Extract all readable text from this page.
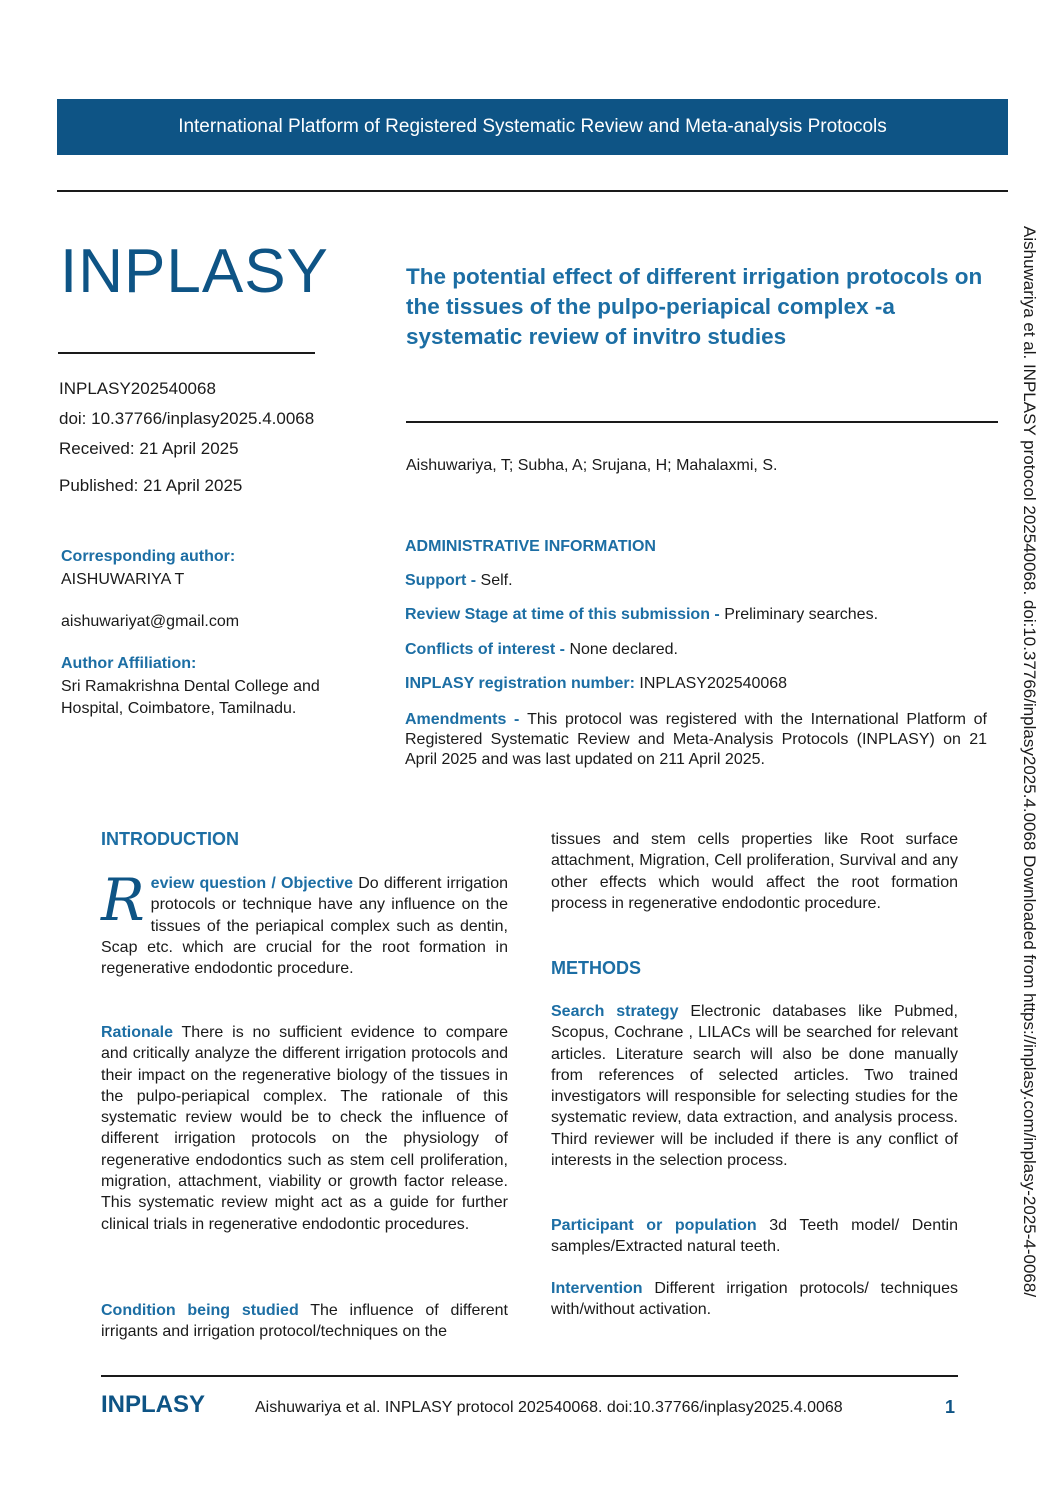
International Platform of Registered Systematic Review and Meta-analysis Protocols
INPLASY	The potential effect of different irrigation protocols on the tissues of the pulpo-periapical complex -a systematic review of invitro studies
INPLASY202540068
doi: 10.37766/inplasy2025.4.0068
Received: 21 April 2025
Published: 21 April 2025
Aishuwariya, T; Subha, A; Srujana, H; Mahalaxmi, S.
Corresponding author:
AISHUWARIYA T
aishuwariyat@gmail.com
Author Affiliation:
Sri Ramakrishna Dental College and
Hospital, Coimbatore, Tamilnadu.
ADMINISTRATIVE INFORMATION
Support - Self.
Review Stage at time of this submission - Preliminary searches.
Conflicts of interest - None declared.
INPLASY registration number: INPLASY202540068
Amendments - This protocol was registered with the International Platform of Registered Systematic Review and Meta-Analysis Protocols (INPLASY) on 21 April 2025 and was last updated on 211 April 2025.
INTRODUCTION
Review question / Objective Do different irrigation protocols or technique have any influence on the tissues of the periapical complex such as dentin, Scap etc. which are crucial for the root formation in regenerative endodontic procedure.
Rationale There is no sufficient evidence to compare and critically analyze the different irrigation protocols and their impact on the regenerative biology of the tissues in the pulpo-periapical complex. The rationale of this systematic review would be to check the influence of different irrigation protocols on the physiology of regenerative endodontics such as stem cell proliferation, migration, attachment, viability or growth factor release. This systematic review might act as a guide for further clinical trials in regenerative endodontic procedures.
Condition being studied The influence of different irrigants and irrigation protocol/techniques on the
tissues and stem cells properties like Root surface attachment, Migration, Cell proliferation, Survival and any other effects which would affect the root formation process in regenerative endodontic procedure.
METHODS
Search strategy Electronic databases like Pubmed, Scopus, Cochrane , LILACs will be searched for relevant articles. Literature search will also be done manually from references of selected articles. Two trained investigators will responsible for selecting studies for the systematic review, data extraction, and analysis process. Third reviewer will be included if there is any conflict of interests in the selection process.
Participant or population 3d Teeth model/ Dentin samples/Extracted natural teeth.
Intervention Different irrigation protocols/ techniques with/without activation.
INPLASY	Aishuwariya et al. INPLASY protocol 202540068. doi:10.37766/inplasy2025.4.0068	1
Aishuwariya et al. INPLASY protocol 202540068. doi:10.37766/inplasy2025.4.0068 Downloaded from https://inplasy.com/inplasy-2025-4-0068/
